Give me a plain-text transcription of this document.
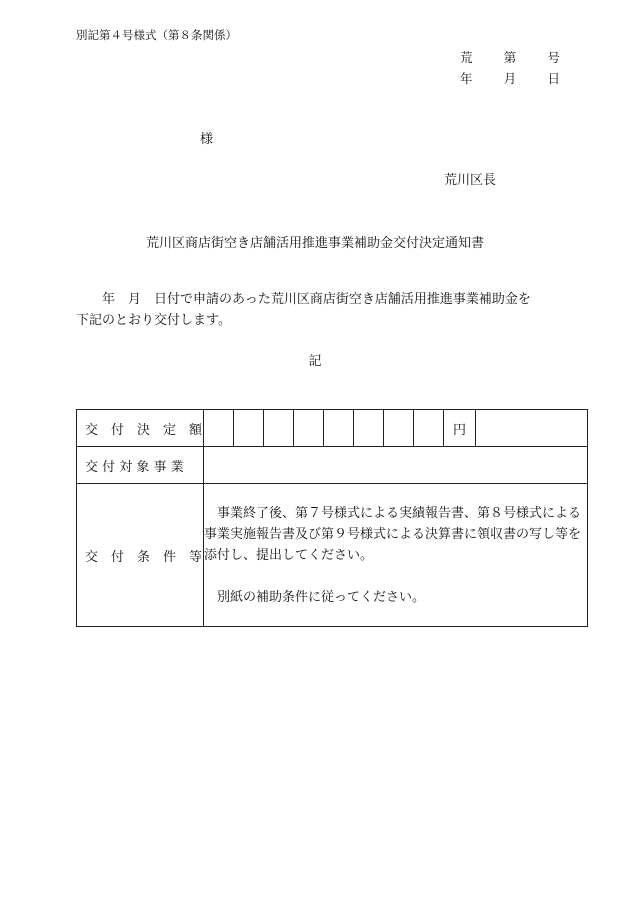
別記第４号様式（第８条関係）
荒 第 号
年 月 日
様
荒川区長
荒川区商店街空き店舗活用推進事業補助金交付決定通知書
　　年　月　日付で申請のあった荒川区商店街空き店舗活用推進事業補助金を
下記のとおり交付します。
記
交　付　決　定　額	円

交 付 対 象 事 業	

交　付　条　件　等	　事業終了後、第７号様式による実績報告書、第８号様式による事業実施報告書及び第９号様式による決算書に領収書の写し等を添付し、提出してください。

　別紙の補助条件に従ってください。
